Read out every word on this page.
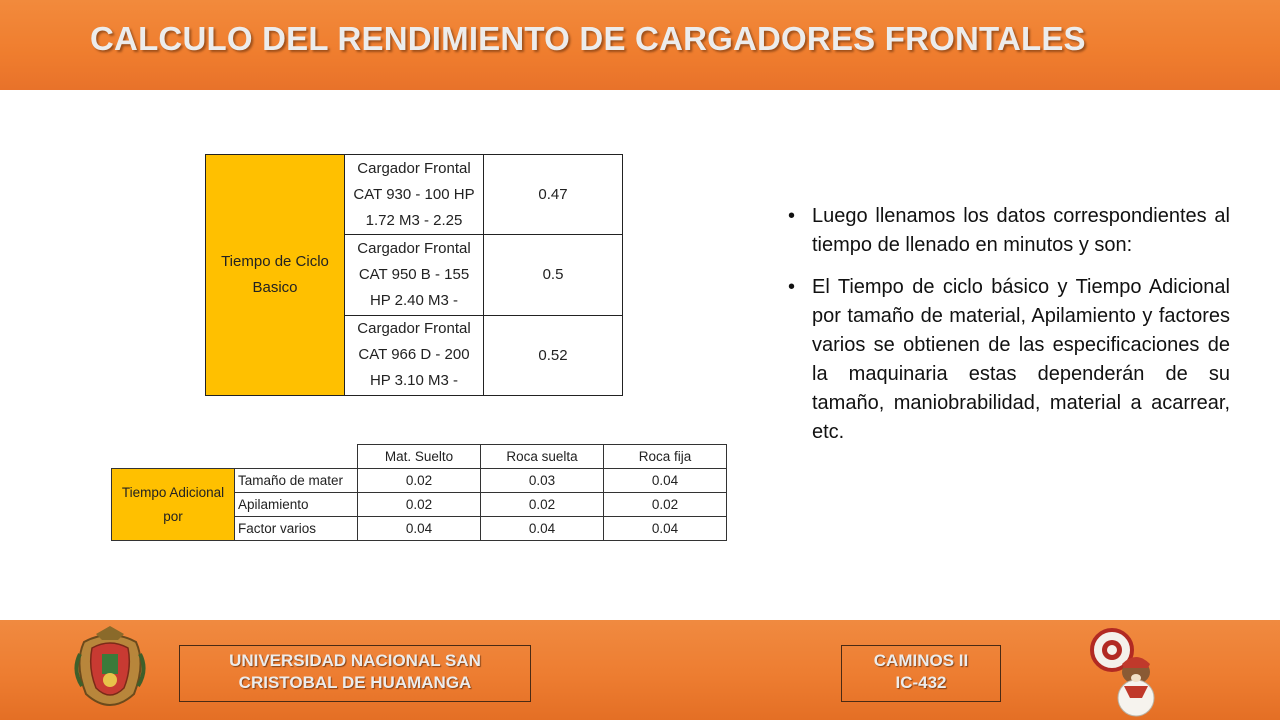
CALCULO DEL RENDIMIENTO DE CARGADORES FRONTALES
Tiempo de Ciclo
Basico	Cargador Frontal
CAT 930 - 100 HP
1.72 M3 - 2.25	0.47
	Cargador Frontal
CAT 950 B - 155
HP 2.40 M3 -	0.5
	Cargador Frontal
CAT 966 D - 200
HP 3.10 M3 -	0.52
		Mat. Suelto	Roca suelta	Roca fija
Tiempo Adicional
por	Tamaño de mater	0.02	0.03	0.04
	Apilamiento	0.02	0.02	0.02
	Factor varios	0.04	0.04	0.04
• Luego llenamos los datos correspondientes al tiempo de llenado en minutos y son:
• El Tiempo de ciclo básico y Tiempo Adicional por tamaño de material, Apilamiento y factores varios se obtienen de las especificaciones de la maquinaria estas dependerán de su tamaño, maniobrabilidad, material a acarrear, etc.
UNIVERSIDAD NACIONAL SAN
CRISTOBAL DE HUAMANGA
CAMINOS II
IC-432
